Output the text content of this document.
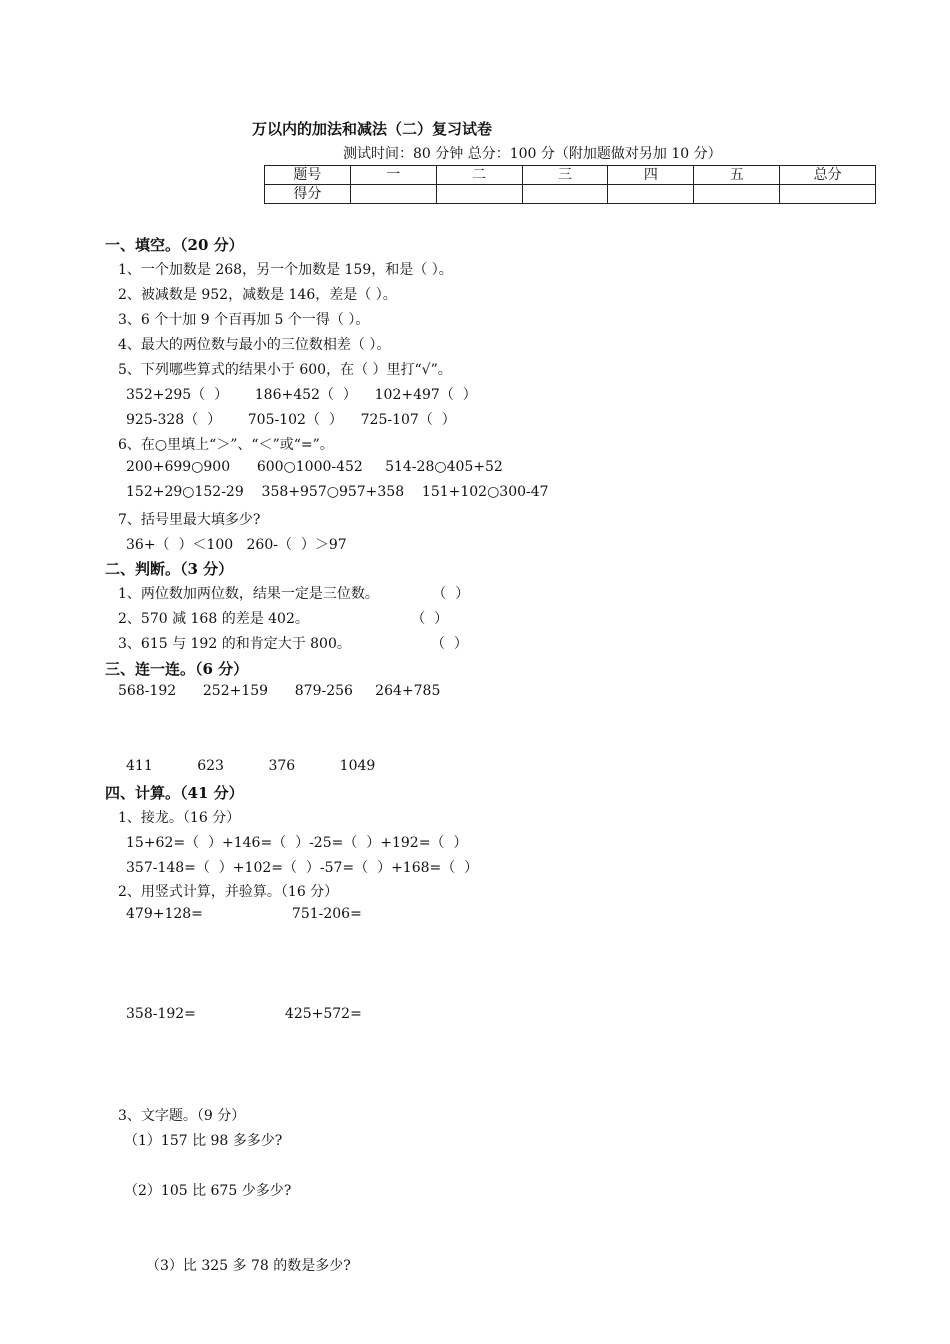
万以内的加法和减法（二）复习试卷
测试时间：80 分钟 总分：100 分（附加题做对另加 10 分）
题号	一	二	三	四	五	总分
得分						
一、填空。（20 分）
1、一个加数是 268，另一个加数是 159，和是（ ）。
2、被减数是 952，减数是 146，差是（ ）。
3、6 个十加 9 个百再加 5 个一得（ ）。
4、最大的两位数与最小的三位数相差（ ）。
5、下列哪些算式的结果小于 600，在（ ）里打“√”。
352+295（  ）      186+452（  ）    102+497（  ）
925-328（  ）      705-102（  ）    725-107（  ）
6、在○里填上“＞”、“＜”或“=”。
200+699○900      600○1000-452     514-28○405+52
152+29○152-29    358+957○957+358    151+102○300-47
7、括号里最大填多少?
36+（  ）＜100   260-（  ）＞97
二、判断。（3 分）
1、两位数加两位数，结果一定是三位数。            （  ）
2、570 减 168 的差是 402。                       （  ）
3、615 与 192 的和肯定大于 800。                  （  ）
三、连一连。（6 分）
568-192      252+159      879-256     264+785
411          623          376          1049
四、计算。（41 分）
1、接龙。（16 分）
15+62=（  ）+146=（  ）-25=（  ）+192=（  ）
357-148=（  ）+102=（  ）-57=（  ）+168=（  ）
2、用竖式计算，并验算。（16 分）
479+128=                    751-206=
358-192=                    425+572=
3、文字题。（9 分）
（1）157 比 98 多多少?
（2）105 比 675 少多少?
（3）比 325 多 78 的数是多少?
